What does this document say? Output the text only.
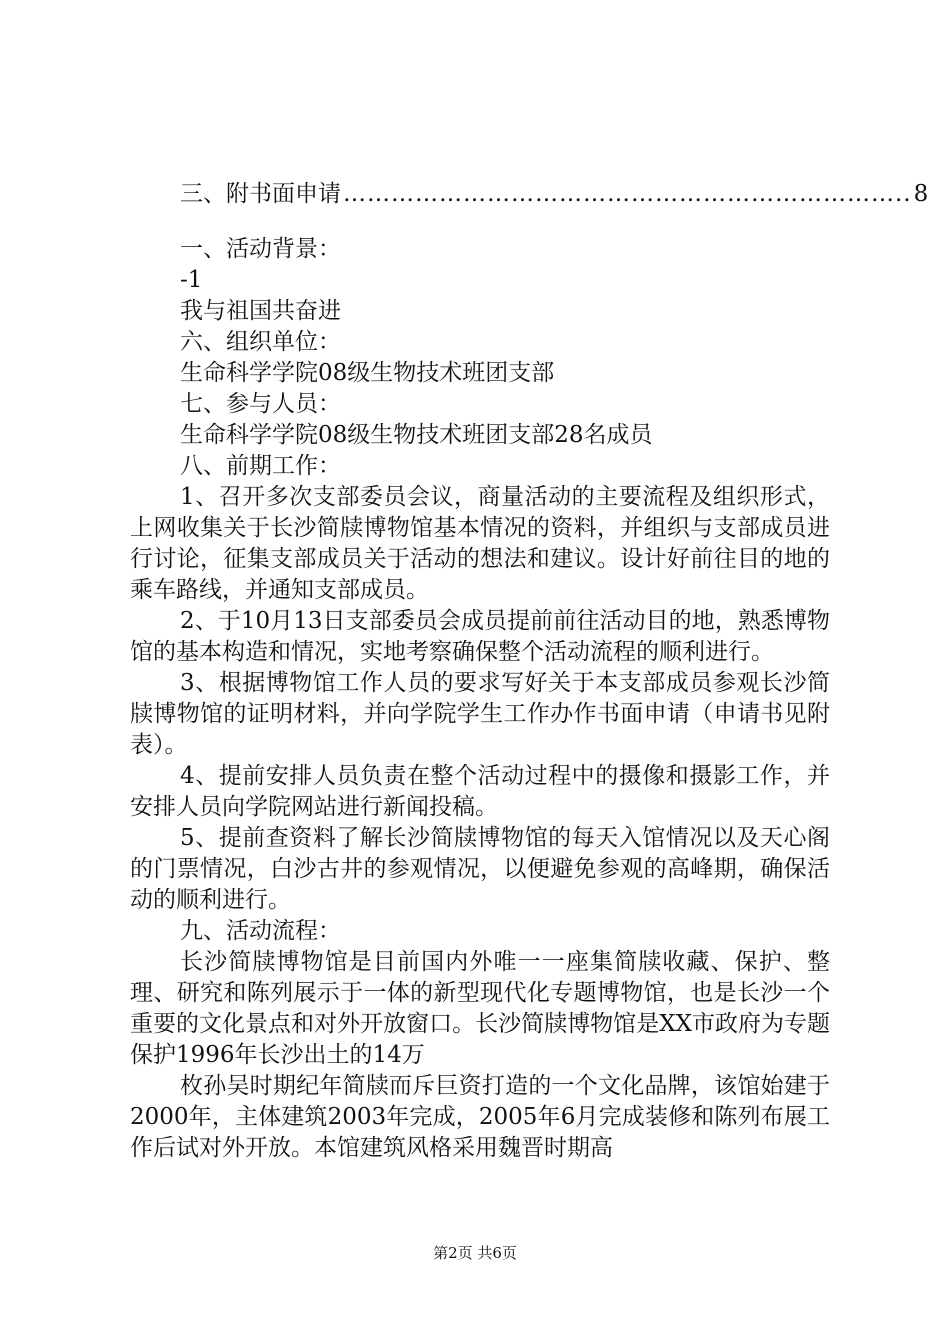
三、附书面申请 …………………………………………………………….. 8
一、活动背景：
-1
我与祖国共奋进
六、组织单位：
生命科学学院08级生物技术班团支部
七、参与人员：
生命科学学院08级生物技术班团支部28名成员
八、前期工作：

1、召开多次支部委员会议，商量活动的主要流程及组织形式，上网收集关于长沙简牍博物馆基本情况的资料，并组织与支部成员进行讨论，征集支部成员关于活动的想法和建议。设计好前往目的地的乘车路线，并通知支部成员。

2、于10月13日支部委员会成员提前前往活动目的地，熟悉博物馆的基本构造和情况，实地考察确保整个活动流程的顺利进行。

3、根据博物馆工作人员的要求写好关于本支部成员参观长沙简牍博物馆的证明材料，并向学院学生工作办作书面申请（申请书见附表）。

4、提前安排人员负责在整个活动过程中的摄像和摄影工作，并安排人员向学院网站进行新闻投稿。

5、提前查资料了解长沙简牍博物馆的每天入馆情况以及天心阁的门票情况，白沙古井的参观情况，以便避免参观的高峰期，确保活动的顺利进行。

九、活动流程：

长沙简牍博物馆是目前国内外唯一一座集简牍收藏、保护、整理、研究和陈列展示于一体的新型现代化专题博物馆，也是长沙一个重要的文化景点和对外开放窗口。长沙简牍博物馆是XX市政府为专题保护1996年长沙出土的14万

枚孙吴时期纪年简牍而斥巨资打造的一个文化品牌，该馆始建于2000年，主体建筑2003年完成，2005年6月完成装修和陈列布展工作后试对外开放。本馆建筑风格采用魏晋时期高

第2页 共6页
